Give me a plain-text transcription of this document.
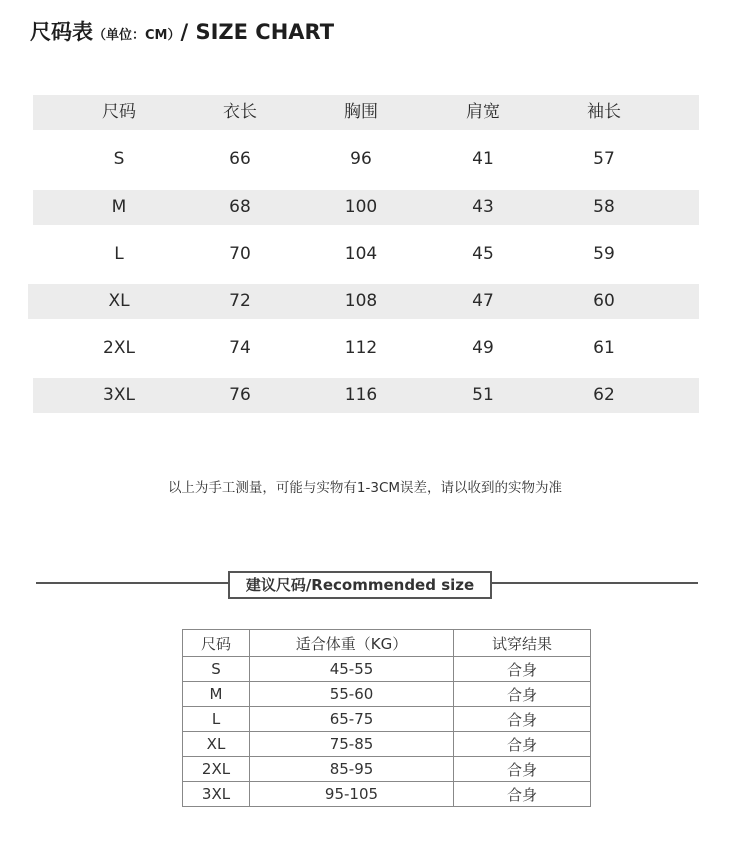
尺码表（单位：CM）/ SIZE CHART
尺码	衣长	胸围	肩宽	袖长
S	66	96	41	57
M	68	100	43	58
L	70	104	45	59
XL	72	108	47	60
2XL	74	112	49	61
3XL	76	116	51	62
以上为手工测量，可能与实物有1-3CM误差，请以收到的实物为准
建议尺码/Recommended size
尺码	适合体重（KG）	试穿结果
S	45-55	合身
M	55-60	合身
L	65-75	合身
XL	75-85	合身
2XL	85-95	合身
3XL	95-105	合身
